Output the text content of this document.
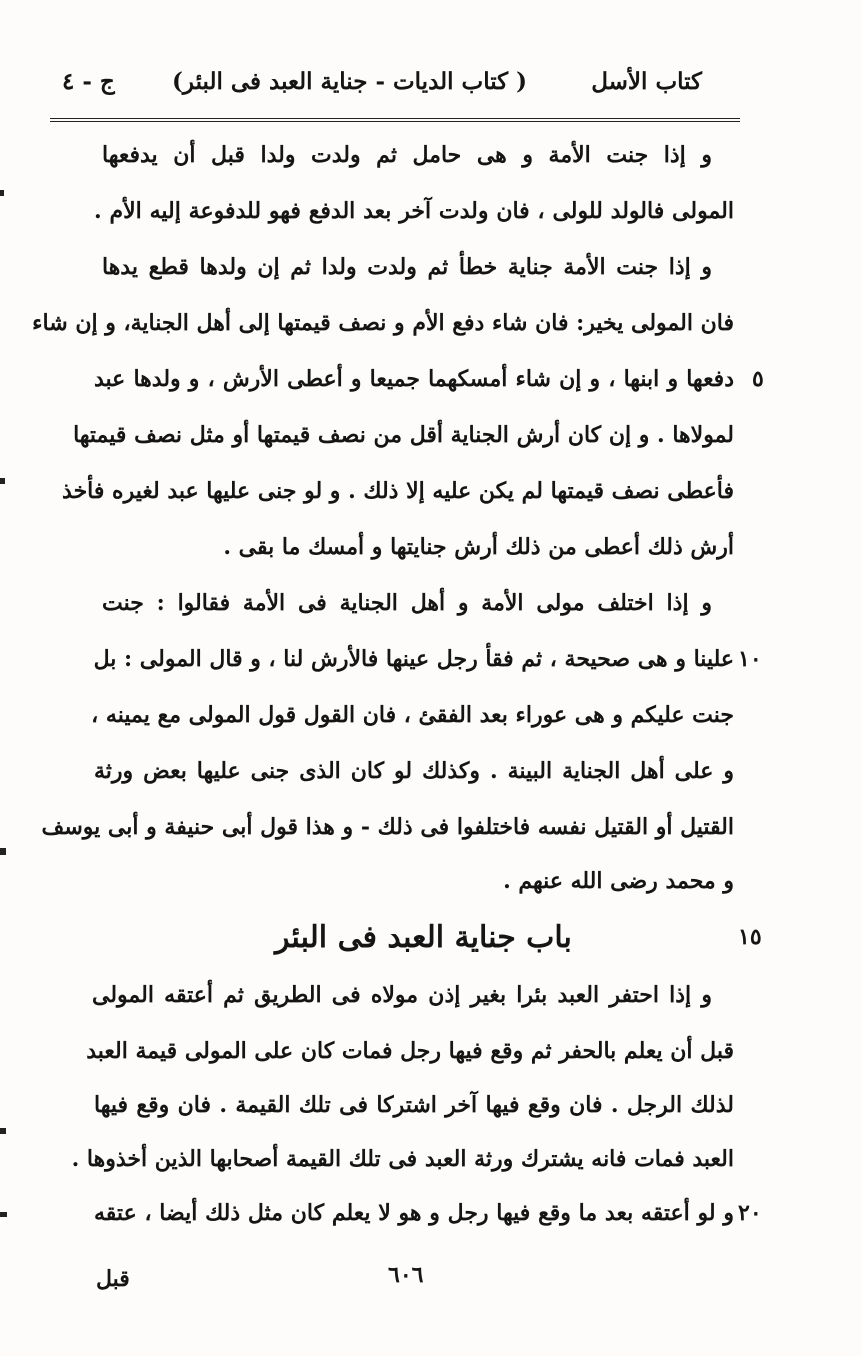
كتاب الأسل
( كتاب الديات - جناية العبد فى البئر)
ج - ٤
و إذا جنت الأمة و هى حامل ثم ولدت ولدا قبل أن يدفعها
المولى فالولد للولى ، فان ولدت آخر بعد الدفع فهو للدفوعة إليه الأم .
و إذا جنت الأمة جناية خطأ ثم ولدت ولدا ثم إن ولدها قطع يدها
فان المولى يخير: فان شاء دفع الأم و نصف قيمتها إلى أهل الجناية، و إن شاء
دفعها و ابنها ، و إن شاء أمسكهما جميعا و أعطى الأرش ، و ولدها عبد
لمولاها . و إن كان أرش الجناية أقل من نصف قيمتها أو مثل نصف قيمتها
فأعطى نصف قيمتها لم يكن عليه إلا ذلك . و لو جنى عليها عبد لغيره فأخذ
أرش ذلك أعطى من ذلك أرش جنايتها و أمسك ما بقى .
و إذا اختلف مولى الأمة و أهل الجناية فى الأمة فقالوا : جنت
علينا و هى صحيحة ، ثم فقأ رجل عينها فالأرش لنا ، و قال المولى : بل
جنت عليكم و هى عوراء بعد الفقئ ، فان القول قول المولى مع يمينه ،
و على أهل الجناية البينة . وكذلك لو كان الذى جنى عليها بعض ورثة
القتيل أو القتيل نفسه فاختلفوا فى ذلك - و هذا قول أبى حنيفة و أبى يوسف
و محمد رضى الله عنهم .
باب جناية العبد فى البئر
و إذا احتفر العبد بئرا بغير إذن مولاه فى الطريق ثم أعتقه المولى
قبل أن يعلم بالحفر ثم وقع فيها رجل فمات كان على المولى قيمة العبد
لذلك الرجل . فان وقع فيها آخر اشتركا فى تلك القيمة . فان وقع فيها
العبد فمات فانه يشترك ورثة العبد فى تلك القيمة أصحابها الذين أخذوها .
و لو أعتقه بعد ما وقع فيها رجل و هو لا يعلم كان مثل ذلك أيضا ، عتقه
٥
١٠
١٥
٢٠
٦٠٦
قبل
